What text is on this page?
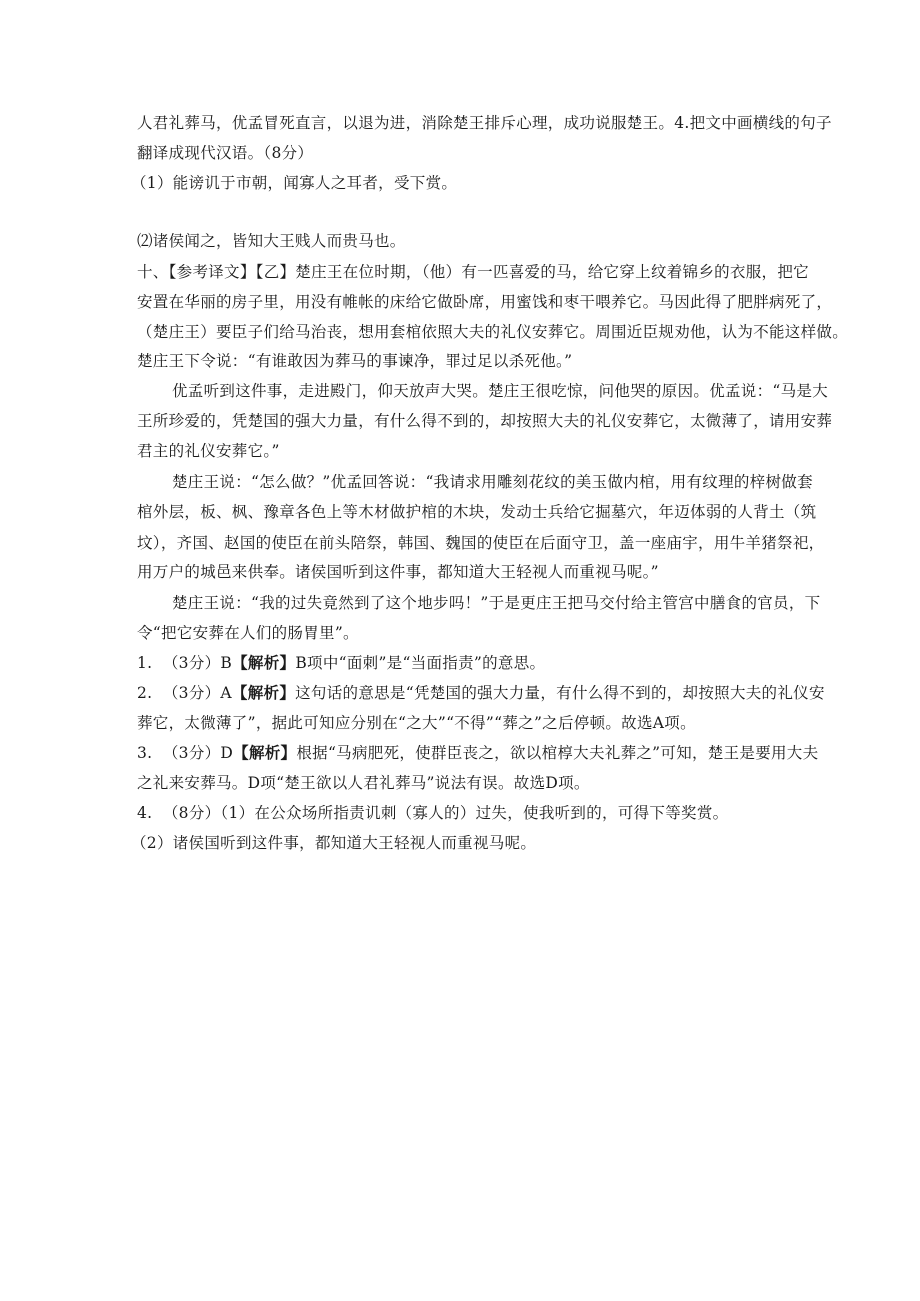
人君礼葬马，优孟冒死直言，以退为进，消除楚王排斥心理，成功说服楚王。4.把文中画横线的句子
翻译成现代汉语。（8分）
（1）能谤讥于市朝，闻寡人之耳者，受下赏。
⑵诸侯闻之，皆知大王贱人而贵马也。
十、【参考译文】【乙】楚庄王在位时期，（他）有一匹喜爱的马，给它穿上纹着锦乡的衣服，把它
安置在华丽的房子里，用没有帷帐的床给它做卧席，用蜜饯和枣干喂养它。马因此得了肥胖病死了，
（楚庄王）要臣子们给马治丧，想用套棺依照大夫的礼仪安葬它。周围近臣规劝他，认为不能这样做。
楚庄王下令说：“有谁敢因为葬马的事谏净，罪过足以杀死他。”
优孟听到这件事，走进殿门，仰天放声大哭。楚庄王很吃惊，问他哭的原因。优孟说：“马是大
王所珍爱的，凭楚国的强大力量，有什么得不到的，却按照大夫的礼仪安葬它，太微薄了，请用安葬
君主的礼仪安葬它。”
楚庄王说：“怎么做？”优孟回答说：“我请求用雕刻花纹的美玉做内棺，用有纹理的梓树做套
棺外层，板、枫、豫章各色上等木材做护棺的木块，发动士兵给它掘墓穴，年迈体弱的人背土（筑
坟），齐国、赵国的使臣在前头陪祭，韩国、魏国的使臣在后面守卫，盖一座庙宇，用牛羊猪祭祀，
用万户的城邑来供奉。诸侯国听到这件事，都知道大王轻视人而重视马呢。”
楚庄王说：“我的过失竟然到了这个地步吗！”于是更庄王把马交付给主管宫中膳食的官员，下
令“把它安葬在人们的肠胃里”。
1. （3分）B【解析】B项中“面刺”是“当面指责”的意思。
2. （3分）A【解析】这句话的意思是“凭楚国的强大力量，有什么得不到的，却按照大夫的礼仪安
葬它，太微薄了”，据此可知应分别在“之大”“不得”“葬之”之后停顿。故选A项。
3. （3分）D【解析】根据“马病肥死，使群臣丧之，欲以棺椁大夫礼葬之”可知，楚王是要用大夫
之礼来安葬马。D项“楚王欲以人君礼葬马”说法有误。故选D项。
4. （8分）（1）在公众场所指责讥刺（寡人的）过失，使我听到的，可得下等奖赏。
（2）诸侯国听到这件事，都知道大王轻视人而重视马呢。
